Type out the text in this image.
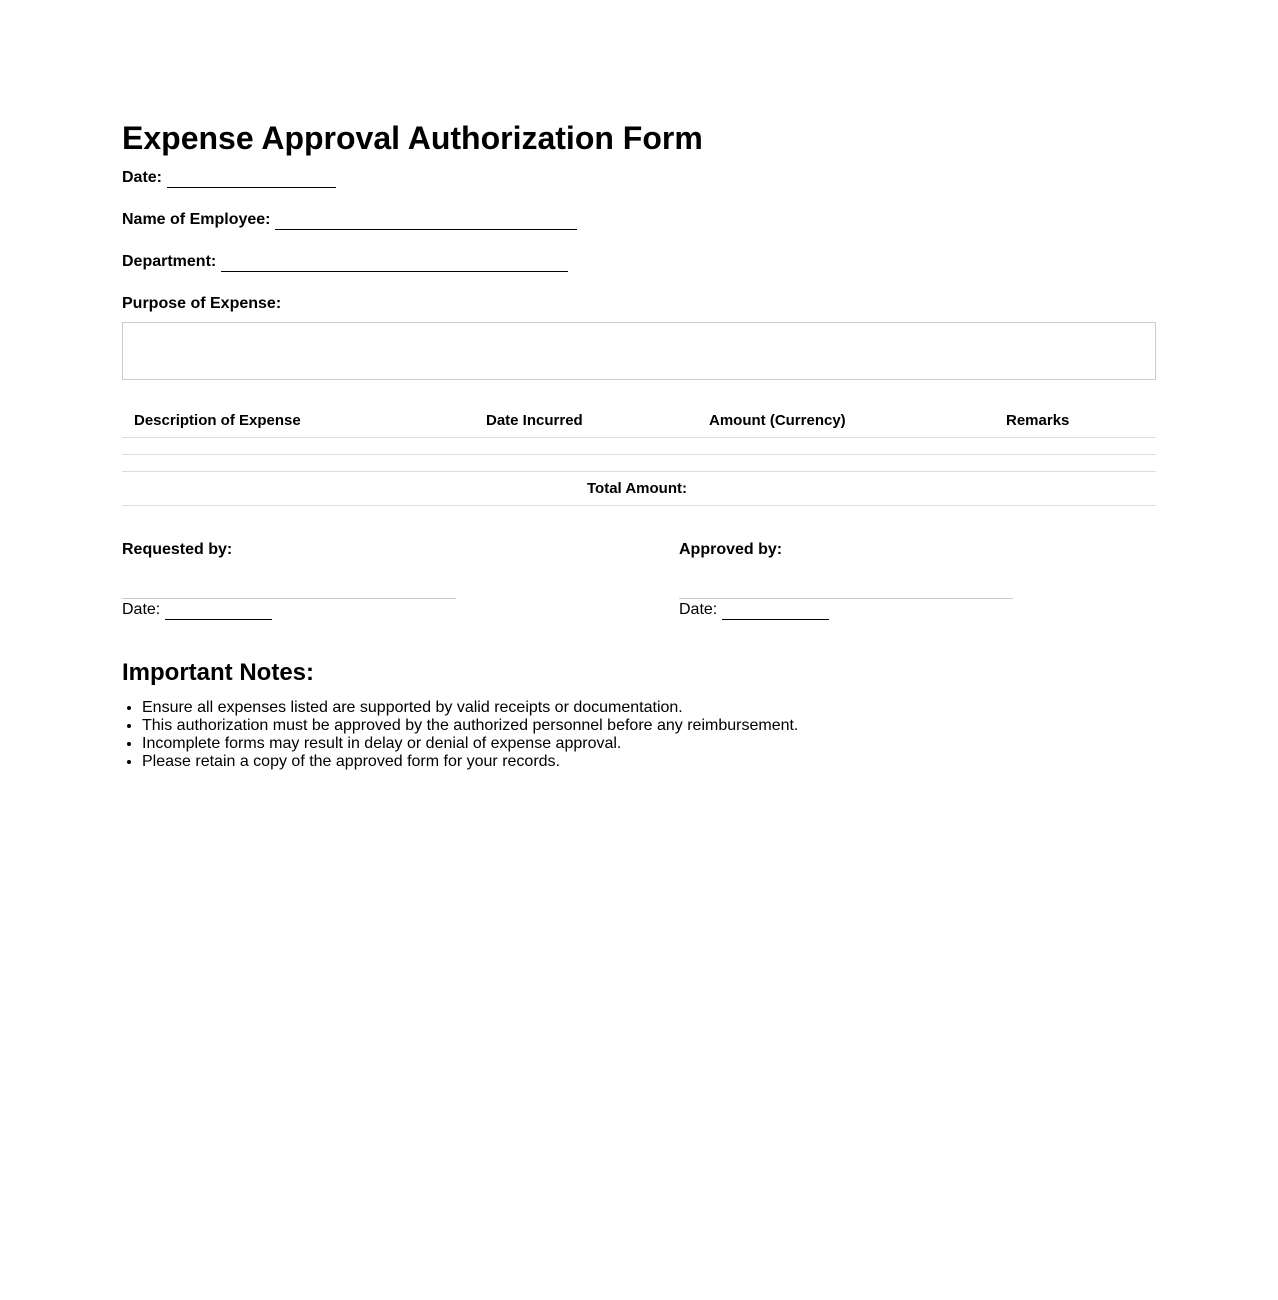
Expense Approval Authorization Form
Date:
Name of Employee:
Department:
Purpose of Expense:
Description of Expense	Date Incurred	Amount (Currency)	Remarks
Total Amount:
Requested by:
Date:
Approved by:
Date:
Important Notes:
• Ensure all expenses listed are supported by valid receipts or documentation.
• This authorization must be approved by the authorized personnel before any reimbursement.
• Incomplete forms may result in delay or denial of expense approval.
• Please retain a copy of the approved form for your records.
